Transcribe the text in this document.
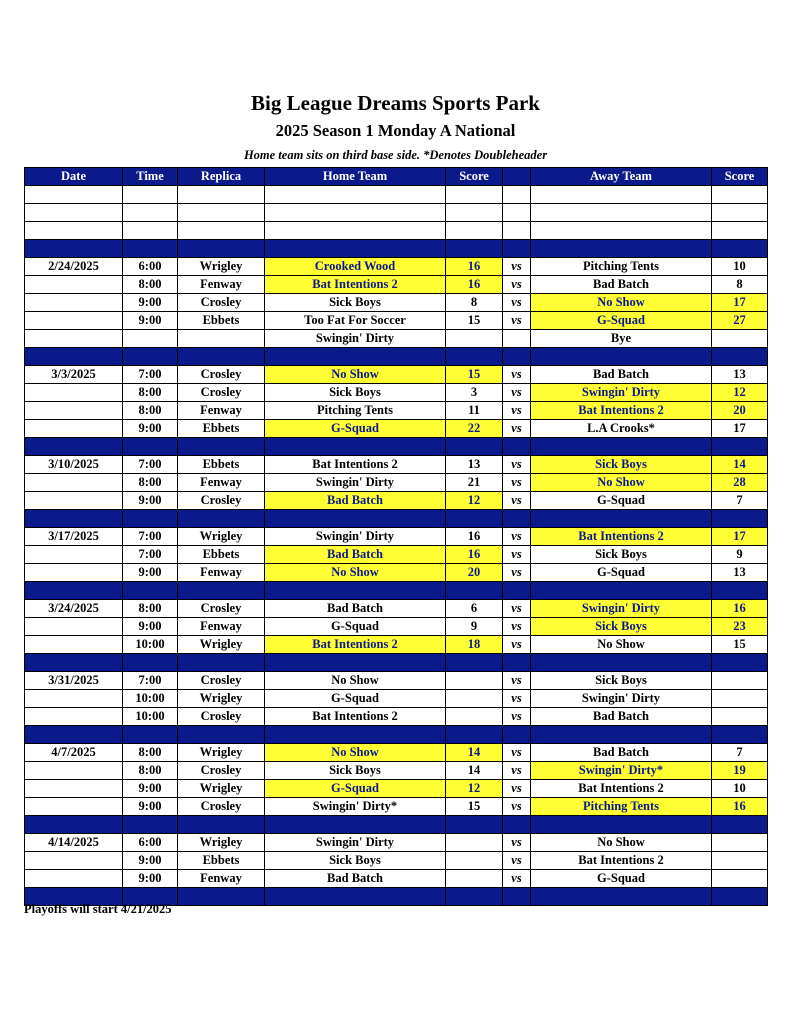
Big League Dreams Sports Park
2025 Season 1 Monday A National
Home team sits on third base side. *Denotes Doubleheader
Date	Time	Replica	Home Team	Score		Away Team	Score

2/24/2025	6:00	Wrigley	Crooked Wood	16	vs	Pitching Tents	10
	8:00	Fenway	Bat Intentions 2	16	vs	Bad Batch	8
	9:00	Crosley	Sick Boys	8	vs	No Show	17
	9:00	Ebbets	Too Fat For Soccer	15	vs	G-Squad	27
			Swingin' Dirty			Bye	

3/3/2025	7:00	Crosley	No Show	15	vs	Bad Batch	13
	8:00	Crosley	Sick Boys	3	vs	Swingin' Dirty	12
	8:00	Fenway	Pitching Tents	11	vs	Bat Intentions 2	20
	9:00	Ebbets	G-Squad	22	vs	L.A Crooks*	17

3/10/2025	7:00	Ebbets	Bat Intentions 2	13	vs	Sick Boys	14
	8:00	Fenway	Swingin' Dirty	21	vs	No Show	28
	9:00	Crosley	Bad Batch	12	vs	G-Squad	7

3/17/2025	7:00	Wrigley	Swingin' Dirty	16	vs	Bat Intentions 2	17
	7:00	Ebbets	Bad Batch	16	vs	Sick Boys	9
	9:00	Fenway	No Show	20	vs	G-Squad	13

3/24/2025	8:00	Crosley	Bad Batch	6	vs	Swingin' Dirty	16
	9:00	Fenway	G-Squad	9	vs	Sick Boys	23
	10:00	Wrigley	Bat Intentions 2	18	vs	No Show	15

3/31/2025	7:00	Crosley	No Show		vs	Sick Boys	
	10:00	Wrigley	G-Squad		vs	Swingin' Dirty	
	10:00	Crosley	Bat Intentions 2		vs	Bad Batch	

4/7/2025	8:00	Wrigley	No Show	14	vs	Bad Batch	7
	8:00	Crosley	Sick Boys	14	vs	Swingin' Dirty*	19
	9:00	Wrigley	G-Squad	12	vs	Bat Intentions 2	10
	9:00	Crosley	Swingin' Dirty*	15	vs	Pitching Tents	16

4/14/2025	6:00	Wrigley	Swingin' Dirty		vs	No Show	
	9:00	Ebbets	Sick Boys		vs	Bat Intentions 2	
	9:00	Fenway	Bad Batch		vs	G-Squad	

Playoffs will start 4/21/2025
